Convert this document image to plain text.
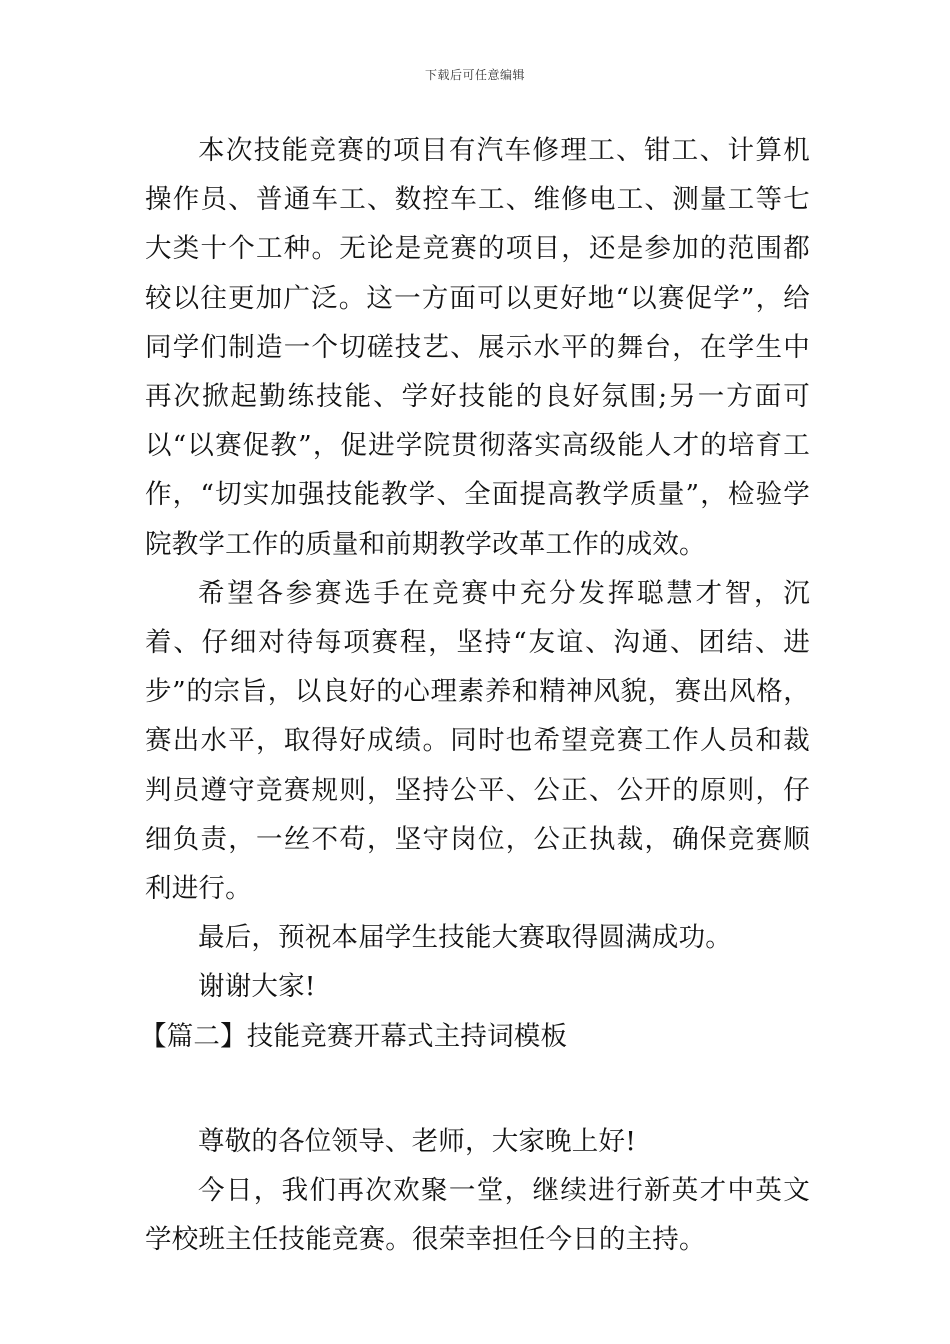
下载后可任意编辑

本次技能竞赛的项目有汽车修理工、钳工、计算机操作员、普通车工、数控车工、维修电工、测量工等七大类十个工种。无论是竞赛的项目，还是参加的范围都较以往更加广泛。这一方面可以更好地“以赛促学”，给同学们制造一个切磋技艺、展示水平的舞台，在学生中再次掀起勤练技能、学好技能的良好氛围;另一方面可以“以赛促教”，促进学院贯彻落实高级能人才的培育工作，“切实加强技能教学、全面提高教学质量”，检验学院教学工作的质量和前期教学改革工作的成效。

希望各参赛选手在竞赛中充分发挥聪慧才智，沉着、仔细对待每项赛程，坚持“友谊、沟通、团结、进步”的宗旨，以良好的心理素养和精神风貌，赛出风格，赛出水平，取得好成绩。同时也希望竞赛工作人员和裁判员遵守竞赛规则，坚持公平、公正、公开的原则，仔细负责，一丝不苟，坚守岗位，公正执裁，确保竞赛顺利进行。

最后，预祝本届学生技能大赛取得圆满成功。

谢谢大家!

【篇二】技能竞赛开幕式主持词模板

尊敬的各位领导、老师，大家晚上好!

今日，我们再次欢聚一堂，继续进行新英才中英文学校班主任技能竞赛。很荣幸担任今日的主持。
